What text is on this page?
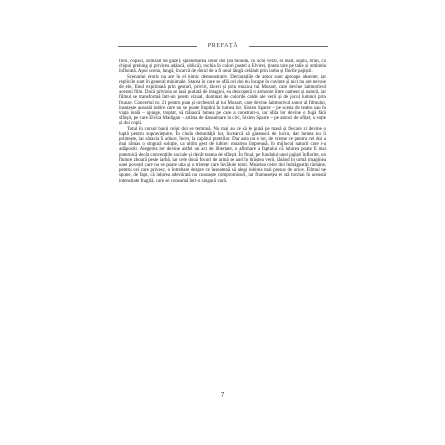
PREFAȚĂ

flori, copaci, zumzăit de gâze); splendoarea celor doi (ea blondă, cu ochi verzi, el înalt, suplu, brun, cu chipul prelung și privirea adâncă, oblică), rochia în culori pastel a Elvirei, ținuta tare pe talie și umbrela înflorată. Apoi scena, lungă, încarcă de dorul de a fi unul lângă celălalt prin iarba și florile pajiștii.

Scenariul erotic nu are în el nimic demonstrativ. Declarațiile de amor sunt aproape absente, iar replicile sunt în general minimale. Starea în care se află cei doi nu încape în cuvinte și nici nu are nevoie de ele, fiind exprimată prin gesturi, priviri, tăceri și prin muzica lui Mozart, care devine laitmotivul acestui film. Dacă privirea se lasă purtată de imagini, ea descoperă o armonie între oameni și natură, iar filmul se transformă într-un poem vizual, dominat de culorile calde ale verii și de jocul luminii prin frunze. Concertul nr. 21 pentru pian și orchestră al lui Mozart, care devine laitmotivul sonor al filmului, însoțește această iubire care nu se poate împlini în lumea lor. Sixten Sparre – pe scena de teatru sau în viața reală – ajunge, treptat, să trăiască lumea pe care a construit-o, iar idila lor devine o fugă fără sfârșit, pe care Elvira Madigan – artista de dansatoare la circ, Sixten Sparre – pe atunci de ofițer, o soție și doi copii.

Totul în cursul banii celor doi se termină. Nu mai au ce să le pună pe masă și fiecare zi devine o luptă pentru supraviețuire. În ciuda demnității lor, încearcă să găsească de lucru, dar lumea nu îi primește, iar săracia îi aduce, încet, la capătul puterilor. Dar asta nu e tot, de vreme ce pentru cei doi a mai rămas o singură soluție, ca ultim gest de iubire: moartea împreună, în mijlocul naturii care i-a adăpostit. Alegerea lor devine astfel un act de libertate, o afirmare a faptului că iubirea poate fi mai puternică decât convențiile sociale și decât teama de sfârșit. În final, pe fundalul unei pajiști înflorite, un fluture zboară peste iarbă, iar cele două focuri de armă se aud în liniștea verii, lăsând în urmă imaginea unei povești care nu se poate uita și o tristețe care învăluie totul. Moartea celor doi îndrăgostiți rămâne, pentru cei care privesc, o întrebare despre ce înseamnă să alegi iubirea mai presus de orice. Filmul ne spune, de fapt, că iubirea adevărată nu cunoaște compromisuri, iar frumusețea ei stă tocmai în această intensitate fragilă, care se consumă într-o singură vară.

7
